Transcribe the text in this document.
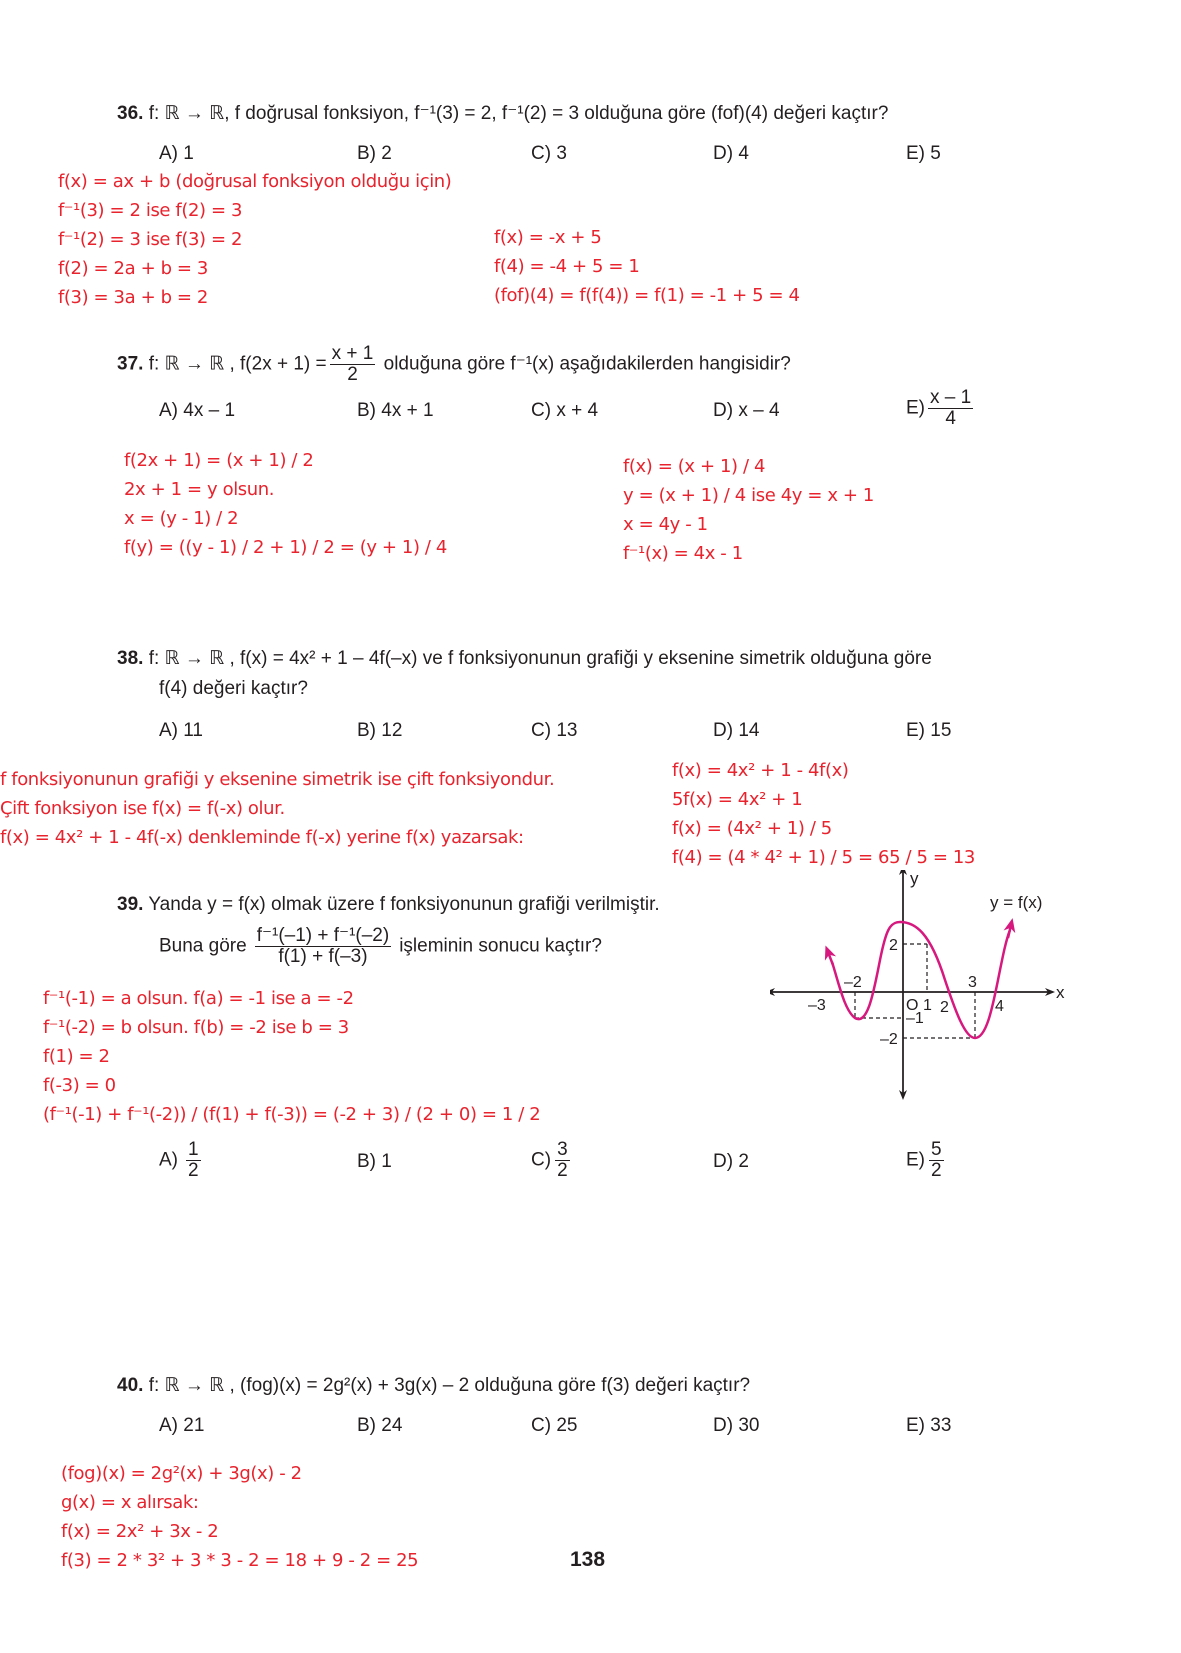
36. f: ℝ → ℝ, f doğrusal fonksiyon, f⁻¹(3) = 2, f⁻¹(2) = 3 olduğuna göre (fof)(4) değeri kaçtır?
A) 1	B) 2	C) 3	D) 4	E) 5
f(x) = ax + b (doğrusal fonksiyon olduğu için)
f⁻¹(3) = 2 ise f(2) = 3
f⁻¹(2) = 3 ise f(3) = 2
f(2) = 2a + b = 3
f(3) = 3a + b = 2
f(x) = -x + 5
f(4) = -4 + 5 = 1
(fof)(4) = f(f(4)) = f(1) = -1 + 5 = 4
37. f: ℝ → ℝ , $f(2x + 1) = \frac{x + 1}{2}$ olduğuna göre f⁻¹(x) aşağıdakilerden hangisidir?
A) 4x – 1	B) 4x + 1	C) x + 4	D) x – 4	$E) \frac{x - 1}{4}$
f(2x + 1) = (x + 1) / 2
2x + 1 = y olsun.
x = (y - 1) / 2
f(y) = ((y - 1) / 2 + 1) / 2 = (y + 1) / 4
f(x) = (x + 1) / 4
y = (x + 1) / 4 ise 4y = x + 1
x = 4y - 1
f⁻¹(x) = 4x - 1
38. f: ℝ → ℝ , f(x) = 4x² + 1 – 4f(–x) ve f fonksiyonunun grafiği y eksenine simetrik olduğuna göre
f(4) değeri kaçtır?
A) 11	B) 12	C) 13	D) 14	E) 15
f fonksiyonunun grafiği y eksenine simetrik ise çift fonksiyondur.
Çift fonksiyon ise f(x) = f(-x) olur.
f(x) = 4x² + 1 - 4f(-x) denkleminde f(-x) yerine f(x) yazarsak:
f(x) = 4x² + 1 - 4f(x)
5f(x) = 4x² + 1
f(x) = (4x² + 1) / 5
f(4) = (4 * 4² + 1) / 5 = 65 / 5 = 13
39. Yanda y = f(x) olmak üzere f fonksiyonunun grafiği verilmiştir.
Buna göre $\frac{\text{f⁻¹(–1) + f⁻¹(–2)}}{f(1) + f(-3)}$ işleminin sonucu kaçtır?
f⁻¹(-1) = a olsun. f(a) = -1 ise a = -2
f⁻¹(-2) = b olsun. f(b) = -2 ise b = 3
f(1) = 2
f(-3) = 0
(f⁻¹(-1) + f⁻¹(-2)) / (f(1) + f(-3)) = (-2 + 3) / (2 + 0) = 1 / 2
$A) \frac{1}{2}$	B) 1	$C) \frac{3}{2}$	D) 2	$E) \frac{5}{2}$
y
x
y = f(x)
O
–3
–2
1 2
3
4
2
–1
–2
40. f: ℝ → ℝ , (fog)(x) = 2g²(x) + 3g(x) – 2 olduğuna göre f(3) değeri kaçtır?
A) 21	B) 24	C) 25	D) 30	E) 33
(fog)(x) = 2g²(x) + 3g(x) - 2
g(x) = x alırsak:
f(x) = 2x² + 3x - 2
f(3) = 2 * 3² + 3 * 3 - 2 = 18 + 9 - 2 = 25	138
